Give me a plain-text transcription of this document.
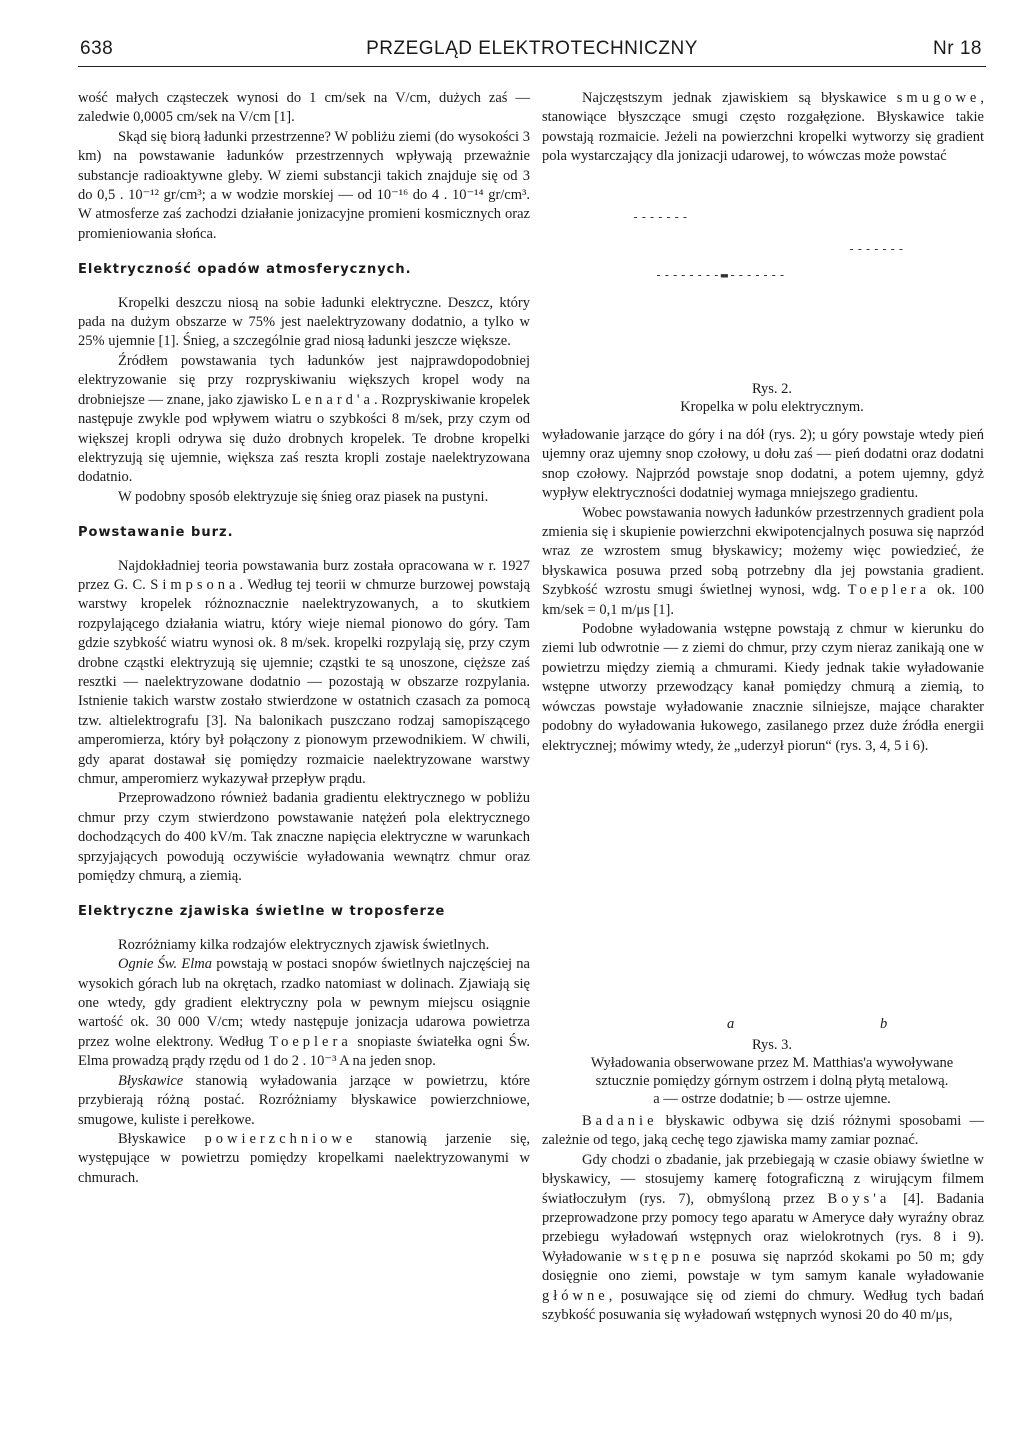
638	PRZEGLĄD ELEKTROTECHNICZNY	Nr 18

wość małych cząsteczek wynosi do 1 cm/sek na V/cm, dużych zaś — zaledwie 0,0005 cm/sek na V/cm [1].

Skąd się biorą ładunki przestrzenne? W pobliżu ziemi (do wysokości 3 km) na powstawanie ładunków przestrzennych wpływają przeważnie substancje radioaktywne gleby. W ziemi substancji takich znajduje się od 3 do 0,5 . 10⁻¹² gr/cm³; a w wodzie morskiej — od 10⁻¹⁶ do 4 . 10⁻¹⁴ gr/cm³. W atmosferze zaś zachodzi działanie jonizacyjne promieni kosmicznych oraz promieniowania słońca.

Elektryczność opadów atmosferycznych.

Kropelki deszczu niosą na sobie ładunki elektryczne. Deszcz, który pada na dużym obszarze w 75% jest naelektryzowany dodatnio, a tylko w 25% ujemnie [1]. Śnieg, a szczególnie grad niosą ładunki jeszcze większe.

Źródłem powstawania tych ładunków jest najprawdopodobniej elektryzowanie się przy rozpryskiwaniu większych kropel wody na drobniejsze — znane, jako zjawisko Lenard'a. Rozpryskiwanie kropelek następuje zwykle pod wpływem wiatru o szybkości 8 m/sek, przy czym od większej kropli odrywa się dużo drobnych kropelek. Te drobne kropelki elektryzują się ujemnie, większa zaś reszta kropli zostaje naelektryzowana dodatnio.

W podobny sposób elektryzuje się śnieg oraz piasek na pustyni.

Powstawanie burz.

Najdokładniej teoria powstawania burz została opracowana w r. 1927 przez G. C. Simpsona. Według tej teorii w chmurze burzowej powstają warstwy kropelek różnoznacznie naelektryzowanych, a to skutkiem rozpylającego działania wiatru, który wieje niemal pionowo do góry. Tam gdzie szybkość wiatru wynosi ok. 8 m/sek. kropelki rozpylają się, przy czym drobne cząstki elektryzują się ujemnie; cząstki te są unoszone, cięższe zaś resztki — naelektryzowane dodatnio — pozostają w obszarze rozpylania. Istnienie takich warstw zostało stwierdzone w ostatnich czasach za pomocą tzw. altielektrografu [3]. Na balonikach puszczano rodzaj samopiszącego amperomierza, który był połączony z pionowym przewodnikiem. W chwili, gdy aparat dostawał się pomiędzy rozmaicie naelektryzowane warstwy chmur, amperomierz wykazywał przepływ prądu.

Przeprowadzono również badania gradientu elektrycznego w pobliżu chmur przy czym stwierdzono powstawanie natężeń pola elektrycznego dochodzących do 400 kV/m. Tak znaczne napięcia elektryczne w warunkach sprzyjających powodują oczywiście wyładowania wewnątrz chmur oraz pomiędzy chmurą, a ziemią.

Elektryczne zjawiska świetlne w troposferze

Rozróżniamy kilka rodzajów elektrycznych zjawisk świetlnych.

Ognie Św. Elma powstają w postaci snopów świetlnych najczęściej na wysokich górach lub na okrętach, rzadko natomiast w dolinach. Zjawiają się one wtedy, gdy gradient elektryczny pola w pewnym miejscu osiągnie wartość ok. 30 000 V/cm; wtedy następuje jonizacja udarowa powietrza przez wolne elektrony. Według Toeplera snopiaste światełka ogni Św. Elma prowadzą prądy rzędu od 1 do 2 . 10⁻³ A na jeden snop.

Błyskawice stanowią wyładowania jarzące w powietrzu, które przybierają różną postać. Rozróżniamy błyskawice powierzchniowe, smugowe, kuliste i perełkowe.

Błyskawice powierzchniowe stanowią jarzenie się, występujące w powietrzu pomiędzy kropelkami naelektryzowanymi w chmurach.

Najczęstszym jednak zjawiskiem są błyskawice smugowe, stanowiące błyszczące smugi często rozgałęzione. Błyskawice takie powstają rozmaicie. Jeżeli na powierzchni kropelki wytworzy się gradient pola wystarczający dla jonizacji udarowej, to wówczas może powstać

------‑
-‑‑-‑--
--------▬-------
Rys. 2.
Kropelka w polu elektrycznym.

wyładowanie jarzące do góry i na dół (rys. 2); u góry powstaje wtedy pień ujemny oraz ujemny snop czołowy, u dołu zaś — pień dodatni oraz dodatni snop czołowy. Najprzód powstaje snop dodatni, a potem ujemny, gdyż wypływ elektryczności dodatniej wymaga mniejszego gradientu.

Wobec powstawania nowych ładunków przestrzennych gradient pola zmienia się i skupienie powierzchni ekwipotencjalnych posuwa się naprzód wraz ze wzrostem smug błyskawicy; możemy więc powiedzieć, że błyskawica posuwa przed sobą potrzebny dla jej powstania gradient. Szybkość wzrostu smugi świetlnej wynosi, wdg. Toeplera ok. 100 km/sek = 0,1 m/μs [1].

Podobne wyładowania wstępne powstają z chmur w kierunku do ziemi lub odwrotnie — z ziemi do chmur, przy czym nieraz zanikają one w powietrzu między ziemią a chmurami. Kiedy jednak takie wyładowanie wstępne utworzy przewodzący kanał pomiędzy chmurą a ziemią, to wówczas powstaje wyładowanie znacznie silniejsze, mające charakter podobny do wyładowania łukowego, zasilanego przez duże źródła energii elektrycznej; mówimy wtedy, że „uderzył piorun“ (rys. 3, 4, 5 i 6).

a	b
Rys. 3.
Wyładowania obserwowane przez M. Matthias'a wywoływane sztucznie pomiędzy górnym ostrzem i dolną płytą metalową.
a — ostrze dodatnie; b — ostrze ujemne.

Badanie błyskawic odbywa się dziś różnymi sposobami — zależnie od tego, jaką cechę tego zjawiska mamy zamiar poznać.

Gdy chodzi o zbadanie, jak przebiegają w czasie obiawy świetlne w błyskawicy, — stosujemy kamerę fotograficzną z wirującym filmem światłoczułym (rys. 7), obmyśloną przez Boys'a [4]. Badania przeprowadzone przy pomocy tego aparatu w Ameryce dały wyraźny obraz przebiegu wyładowań wstępnych oraz wielokrotnych (rys. 8 i 9). Wyładowanie wstępne posuwa się naprzód skokami po 50 m; gdy dosięgnie ono ziemi, powstaje w tym samym kanale wyładowanie główne, posuwające się od ziemi do chmury. Według tych badań szybkość posuwania się wyładowań wstępnych wynosi 20 do 40 m/μs,
